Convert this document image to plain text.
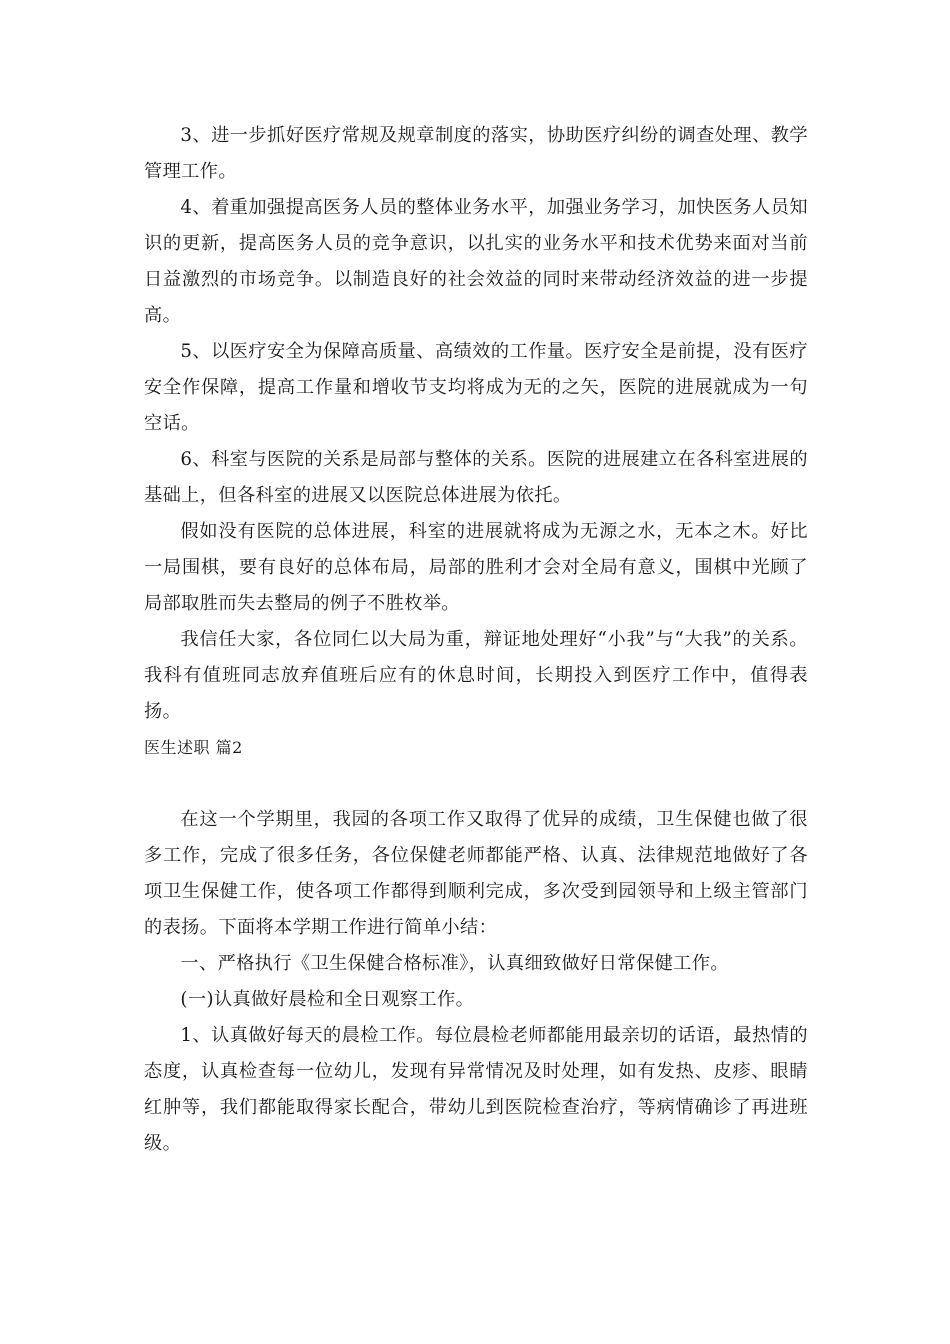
3、进一步抓好医疗常规及规章制度的落实，协助医疗纠纷的调查处理、教学管理工作。

4、着重加强提高医务人员的整体业务水平，加强业务学习，加快医务人员知识的更新，提高医务人员的竞争意识，以扎实的业务水平和技术优势来面对当前日益激烈的市场竞争。以制造良好的社会效益的同时来带动经济效益的进一步提高。

5、以医疗安全为保障高质量、高绩效的工作量。医疗安全是前提，没有医疗安全作保障，提高工作量和增收节支均将成为无的之矢，医院的进展就成为一句空话。

6、科室与医院的关系是局部与整体的关系。医院的进展建立在各科室进展的基础上，但各科室的进展又以医院总体进展为依托。

假如没有医院的总体进展，科室的进展就将成为无源之水，无本之木。好比一局围棋，要有良好的总体布局，局部的胜利才会对全局有意义，围棋中光顾了局部取胜而失去整局的例子不胜枚举。

我信任大家，各位同仁以大局为重，辩证地处理好“小我”与“大我”的关系。我科有值班同志放弃值班后应有的休息时间，长期投入到医疗工作中，值得表扬。

医生述职 篇2

在这一个学期里，我园的各项工作又取得了优异的成绩，卫生保健也做了很多工作，完成了很多任务，各位保健老师都能严格、认真、法律规范地做好了各项卫生保健工作，使各项工作都得到顺利完成，多次受到园领导和上级主管部门的表扬。下面将本学期工作进行简单小结：

一、严格执行《卫生保健合格标准》，认真细致做好日常保健工作。

(一)认真做好晨检和全日观察工作。

1、认真做好每天的晨检工作。每位晨检老师都能用最亲切的话语，最热情的态度，认真检查每一位幼儿，发现有异常情况及时处理，如有发热、皮疹、眼睛红肿等，我们都能取得家长配合，带幼儿到医院检查治疗，等病情确诊了再进班级。
